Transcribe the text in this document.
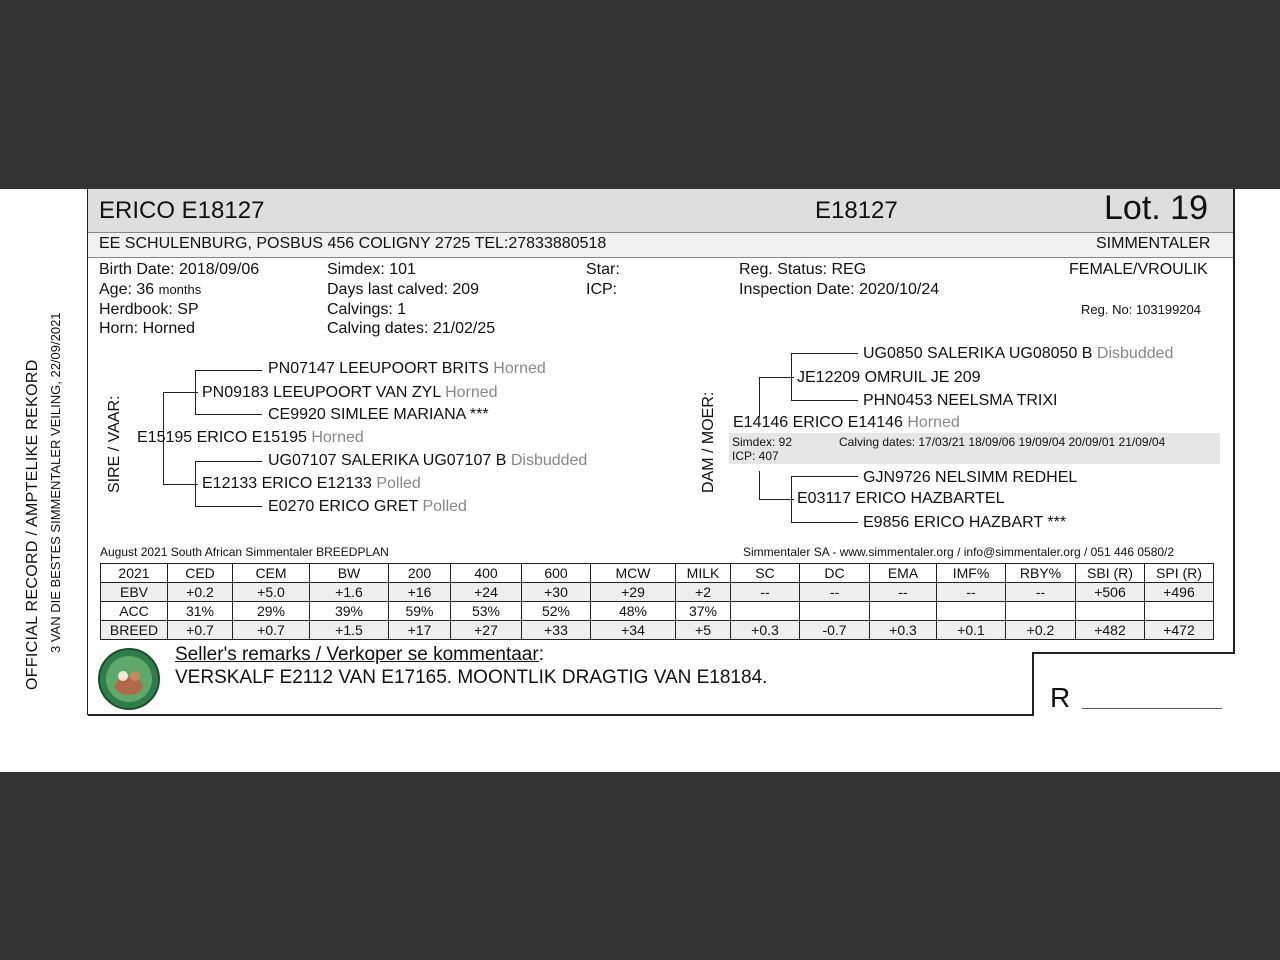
OFFICIAL RECORD / AMPTELIKE REKORD 3 VAN DIE BESTES SIMMENTALER VEILING, 22/09/2021
ERICO E18127	E18127	Lot. 19
EE SCHULENBURG, POSBUS 456 COLIGNY 2725 TEL:27833880518	SIMMENTALER
Birth Date: 2018/09/06
Age: 36 months
Herdbook: SP
Horn: Horned
Simdex: 101
Days last calved: 209
Calvings: 1
Calving dates: 21/02/25
Star:
ICP:
Reg. Status: REG
Inspection Date: 2020/10/24
FEMALE/VROULIK
Reg. No: 103199204
SIRE / VAAR:
PN07147 LEEUPOORT BRITS Horned
PN09183 LEEUPOORT VAN ZYL Horned
CE9920 SIMLEE MARIANA ***
E15195 ERICO E15195 Horned
UG07107 SALERIKA UG07107 B Disbudded
E12133 ERICO E12133 Polled
E0270 ERICO GRET Polled
DAM / MOER:
UG0850 SALERIKA UG08050 B Disbudded
JE12209 OMRUIL JE 209
PHN0453 NEELSMA TRIXI
E14146 ERICO E14146 Horned
Simdex: 92	Calving dates: 17/03/21 18/09/06 19/09/04 20/09/01 21/09/04
ICP: 407
GJN9726 NELSIMM REDHEL
E03117 ERICO HAZBARTEL
E9856 ERICO HAZBART ***
August 2021 South African Simmentaler BREEDPLAN	Simmentaler SA - www.simmentaler.org / info@simmentaler.org / 051 446 0580/2
2021	CED	CEM	BW	200	400	600	MCW	MILK	SC	DC	EMA	IMF%	RBY%	SBI (R)	SPI (R)
EBV	+0.2	+5.0	+1.6	+16	+24	+30	+29	+2	--	--	--	--	--	+506	+496
ACC	31%	29%	39%	59%	53%	52%	48%	37%							
BREED	+0.7	+0.7	+1.5	+17	+27	+33	+34	+5	+0.3	-0.7	+0.3	+0.1	+0.2	+482	+472
Seller's remarks / Verkoper se kommentaar:
VERSKALF E2112 VAN E17165. MOONTLIK DRAGTIG VAN E18184.
R
